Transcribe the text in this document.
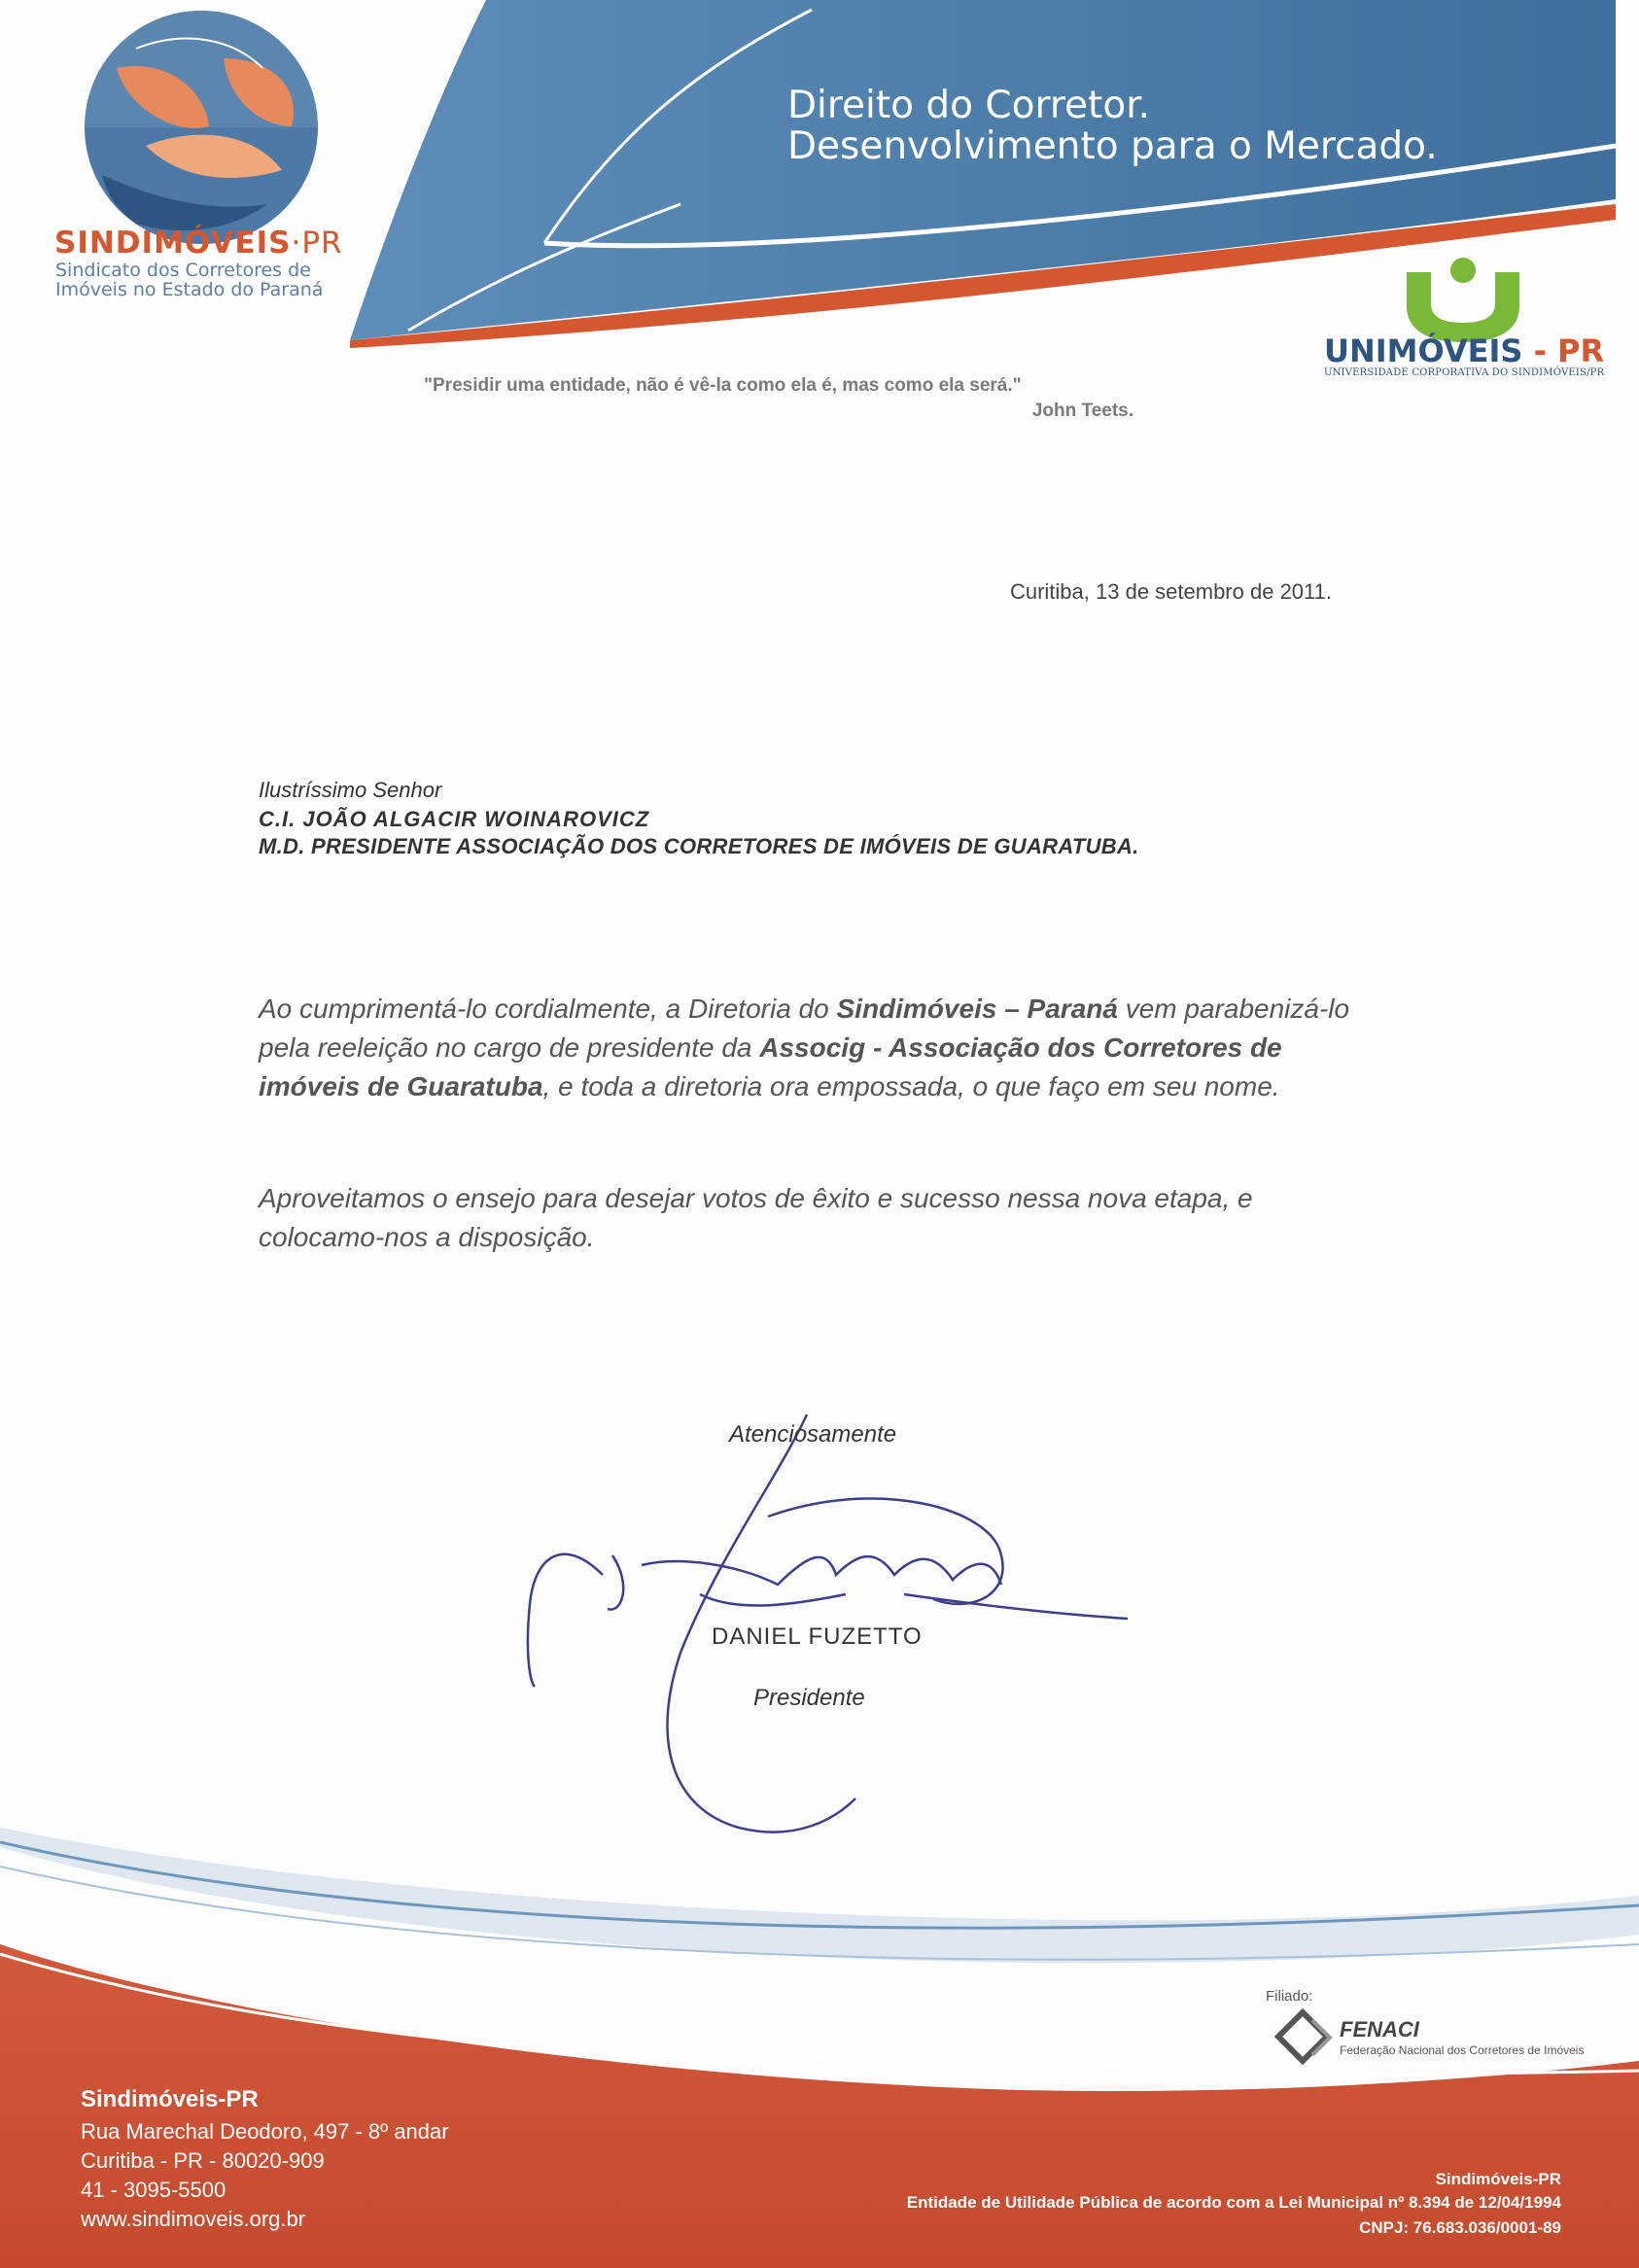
Direito do Corretor.
Desenvolvimento para o Mercado.
SINDIMÓVEIS·PR
Sindicato dos Corretores de
Imóveis no Estado do Paraná
UNIMÓVEIS - PR
UNIVERSIDADE CORPORATIVA DO SINDIMÓVEIS/PR
"Presidir uma entidade, não é vê-la como ela é, mas como ela será."
John Teets.
Curitiba, 13 de setembro de 2011.
Ilustríssimo Senhor
C.I. JOÃO ALGACIR WOINAROVICZ
M.D. PRESIDENTE ASSOCIAÇÃO DOS CORRETORES DE IMÓVEIS DE GUARATUBA.
Ao cumprimentá-lo cordialmente, a Diretoria do Sindimóveis – Paraná vem parabenizá-lo pela reeleição no cargo de presidente da Associg - Associação dos Corretores de imóveis de Guaratuba, e toda a diretoria ora empossada, o que faço em seu nome.
Aproveitamos o ensejo para desejar votos de êxito e sucesso nessa nova etapa, e colocamo-nos a disposição.
Atenciosamente
DANIEL FUZETTO
Presidente
Filiado:
FENACI
Federação Nacional dos Corretores de Imóveis
Sindimóveis-PR
Rua Marechal Deodoro, 497 - 8º andar
Curitiba - PR - 80020-909
41 - 3095-5500
www.sindimoveis.org.br
Sindimóveis-PR
Entidade de Utilidade Pública de acordo com a Lei Municipal nº 8.394 de 12/04/1994
CNPJ: 76.683.036/0001-89
